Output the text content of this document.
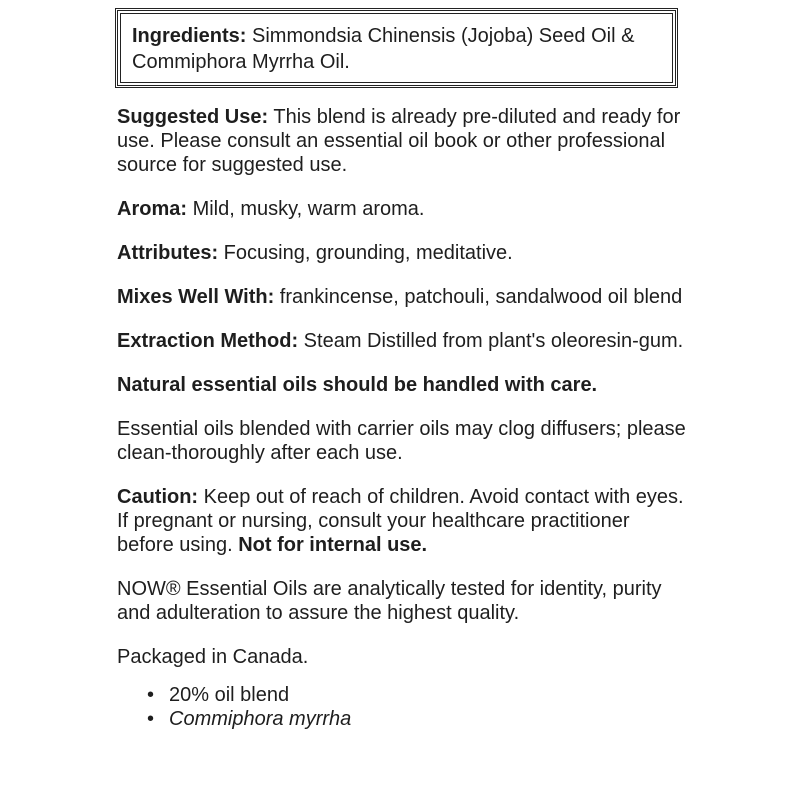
Ingredients: Simmondsia Chinensis (Jojoba) Seed Oil & Commiphora Myrrha Oil.

Suggested Use: This blend is already pre-diluted and ready for use. Please consult an essential oil book or other professional source for suggested use.

Aroma: Mild, musky, warm aroma.

Attributes: Focusing, grounding, meditative.

Mixes Well With: frankincense, patchouli, sandalwood oil blend

Extraction Method: Steam Distilled from plant's oleoresin-gum.

Natural essential oils should be handled with care.

Essential oils blended with carrier oils may clog diffusers; please clean-thoroughly after each use.

Caution: Keep out of reach of children. Avoid contact with eyes. If pregnant or nursing, consult your healthcare practitioner before using. Not for internal use.

NOW® Essential Oils are analytically tested for identity, purity and adulteration to assure the highest quality.

Packaged in Canada.

• 20% oil blend
• Commiphora myrrha
